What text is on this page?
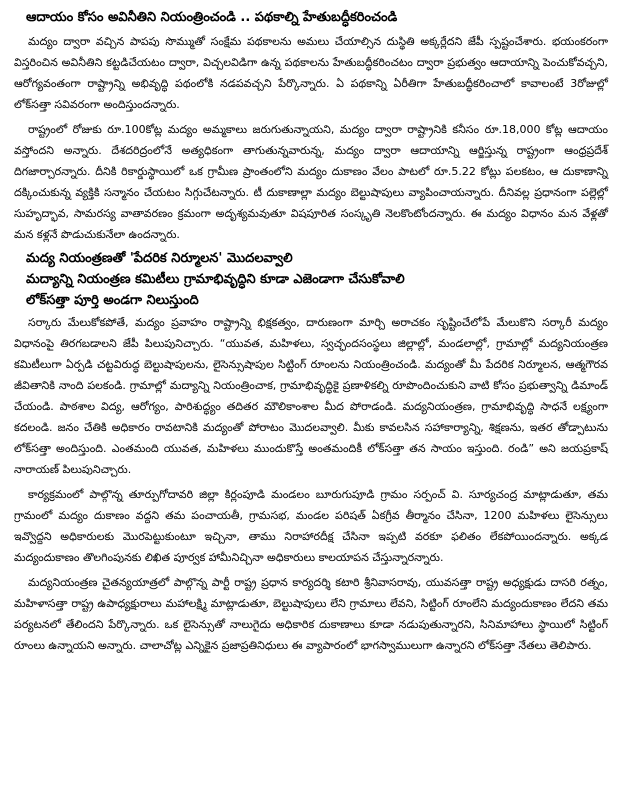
ఆదాయం కోసం అవినీతిని నియంత్రించండి .. పథకాల్ని హేతుబద్ధీకరించండి

మద్యం ద్వారా వచ్చిన పాపపు సొమ్ముతో సంక్షేమ పథకాలను అమలు చేయాల్సిన దుస్థితి అక్కర్లేదని జేపీ స్పష్టంచేశారు. భయంకరంగా విస్తరించిన అవినీతిని కట్టడిచేయటం ద్వారా, విచ్చలవిడిగా ఉన్న పథకాలను హేతుబద్ధీకరించటం ద్వారా ప్రభుత్వం ఆదాయాన్ని పెంచుకోవచ్చని, ఆరోగ్యవంతంగా రాష్ట్రాన్ని అభివృద్ధి పథంలోకి నడపవచ్చని పేర్కొన్నారు. ఏ పథకాన్ని ఏరీతిగా హేతుబద్ధీకరించాలో కావాలంటే 3రోజుల్లో లోక్‌సత్తా సవివరంగా అందిస్తుందన్నారు.

రాష్ట్రంలో రోజుకు రూ.100కోట్ల మద్యం అమ్మకాలు జరుగుతున్నాయని, మద్యం ద్వారా రాష్ట్రానికి కనీసం రూ.18,000 కోట్ల ఆదాయం వస్తోందని అన్నారు. దేశదరిద్రంలోనే అత్యధికంగా తాగుతున్నవారున్న, మద్యం ద్వారా ఆదాయాన్ని ఆర్జిస్తున్న రాష్ట్రంగా ఆంధ్రప్రదేశ్ దిగజార్చారన్నారు. దీనికి రికార్డుస్థాయిలో ఒక గ్రామీణ ప్రాంతంలోని మద్యం దుకాణం వేలం పాటలో రూ.5.22 కోట్లు పలకటం, ఆ దుకాణాన్ని దక్కించుకున్న వ్యక్తికి సన్మానం చేయటం సిగ్గుచేటన్నారు. టీ దుకాణాల్లా మద్యం బెల్టుషాపులు వ్యాపించాయన్నారు. దీనివల్ల ప్రధానంగా పల్లెల్లో సుహృద్భావ, సామరస్య వాతావరణం క్రమంగా అదృశ్యమవుతూ విషపూరిత సంస్కృతి నెలకొంటోందన్నారు. ఈ మద్యం విధానం మన వేళ్లతో మన కళ్లనే పొడుచుకునేలా ఉందన్నారు.

మద్య నియంత్రణతో 'పేదరిక నిర్మూలన' మొదలవ్వాలి
మద్యాన్ని నియంత్రణ కమిటీలు గ్రామాభివృద్ధిని కూడా ఎజెండాగా చేసుకోవాలి
లోక్‌సత్తా పూర్తి అండగా నిలుస్తుంది

సర్కారు మేలుకోకపోతే, మద్యం ప్రవాహం రాష్ట్రాన్ని భిక్షకత్వం, దారుణంగా మార్చి అరాచకం సృష్టించేలోపే మేలుకొని సర్కారీ మద్యం విధానంపై తిరగబడాలని జేపీ పిలుపునిచ్చారు. “యువత, మహిళలు, స్వచ్ఛందసంస్థలు జిల్లాల్లో, మండలాల్లో, గ్రామాల్లో మద్యనియంత్రణ కమిటీలుగా ఏర్పడి చట్టవిరుద్ధ బెల్టుషాపులను, లైసెన్సుషాపుల సిట్టింగ్ రూంలను నియంత్రించండి. మద్యంతో మీ పేదరిక నిర్మూలన, ఆత్మగౌరవ జీవితానికి నాంది పలకండి. గ్రామాల్లో మద్యాన్ని నియంత్రించాక, గ్రామాభివృద్ధికై ప్రణాళికల్ని రూపొందించుకుని వాటి కోసం ప్రభుత్వాన్ని డిమాండ్ చేయండి. పాఠశాల విద్య, ఆరోగ్యం, పారిశుద్ధ్యం తదితర మౌలికాంశాల మీద పోరాడండి. మద్యనియంత్రణ, గ్రామాభివృద్ధి సాధనే లక్ష్యంగా కదలండి. జనం చేతికి అధికారం రావటానికి మద్యంతో పోరాటం మొదలవ్వాలి. మీకు కావలసిన సహాకార్యాన్ని, శిక్షణను, ఇతర తోడ్పాటును లోక్‌సత్తా అందిస్తుంది. ఎంతమంది యువత, మహిళలు ముందుకొస్తే అంతమందికీ లోక్‌సత్తా తన సాయం ఇస్తుంది. రండి” అని జయప్రకాష్ నారాయణ్ పిలుపునిచ్చారు.

కార్యక్రమంలో పాల్గొన్న తూర్పుగోదావరి జిల్లా కిర్లంపూడి మండలం బూరుగుపూడి గ్రామం సర్పంచ్ వి. సూర్యచంద్ర మాట్లాడుతూ, తమ గ్రామంలో మద్యం దుకాణం వద్దని తమ పంచాయతీ, గ్రామసభ, మండల పరిషత్ ఏకగ్రీవ తీర్మానం చేసినా, 1200 మహిళలు లైసెన్సులు ఇవ్వొద్దని అధికారులకు మొరపెట్టుకుంటూ ఇచ్చినా, తాము నిరాహారదీక్ష చేసినా ఇప్పటి వరకూ ఫలితం లేకపోయిందన్నారు. అక్కడ మద్యందుకాణం తొలగింపునకు లిఖిత పూర్వక హామీనిచ్చినా అధికారులు కాలయాపన చేస్తున్నారన్నారు.

మద్యనియంత్రణ చైతన్యయాత్రలో పాల్గొన్న పార్టీ రాష్ట్ర ప్రధాన కార్యదర్శి కటారి శ్రీనివాసరావు, యువసత్తా రాష్ట్ర అధ్యక్షుడు దాసరి రత్నం, మహిళాసత్తా రాష్ట్ర ఉపాధ్యక్షురాలు మహాలక్ష్మి మాట్లాడుతూ, బెల్టుషాపులు లేని గ్రామాలు లేవని, సిట్టింగ్ రూంలేని మద్యందుకాణం లేదని తమ పర్యటనలో తేలిందని పేర్కొన్నారు. ఒక లైసెన్సుతో నాలుగైదు అధికారిక దుకాణాలు కూడా నడుపుతున్నారని, సినిమాహాలు స్థాయిలో సిట్టింగ్ రూంలు ఉన్నాయని అన్నారు. చాలాచోట్ల ఎన్నికైన ప్రజాప్రతినిధులు ఈ వ్యాపారంలో భాగస్వాములుగా ఉన్నారని లోక్‌సత్తా నేతలు తెలిపారు.
